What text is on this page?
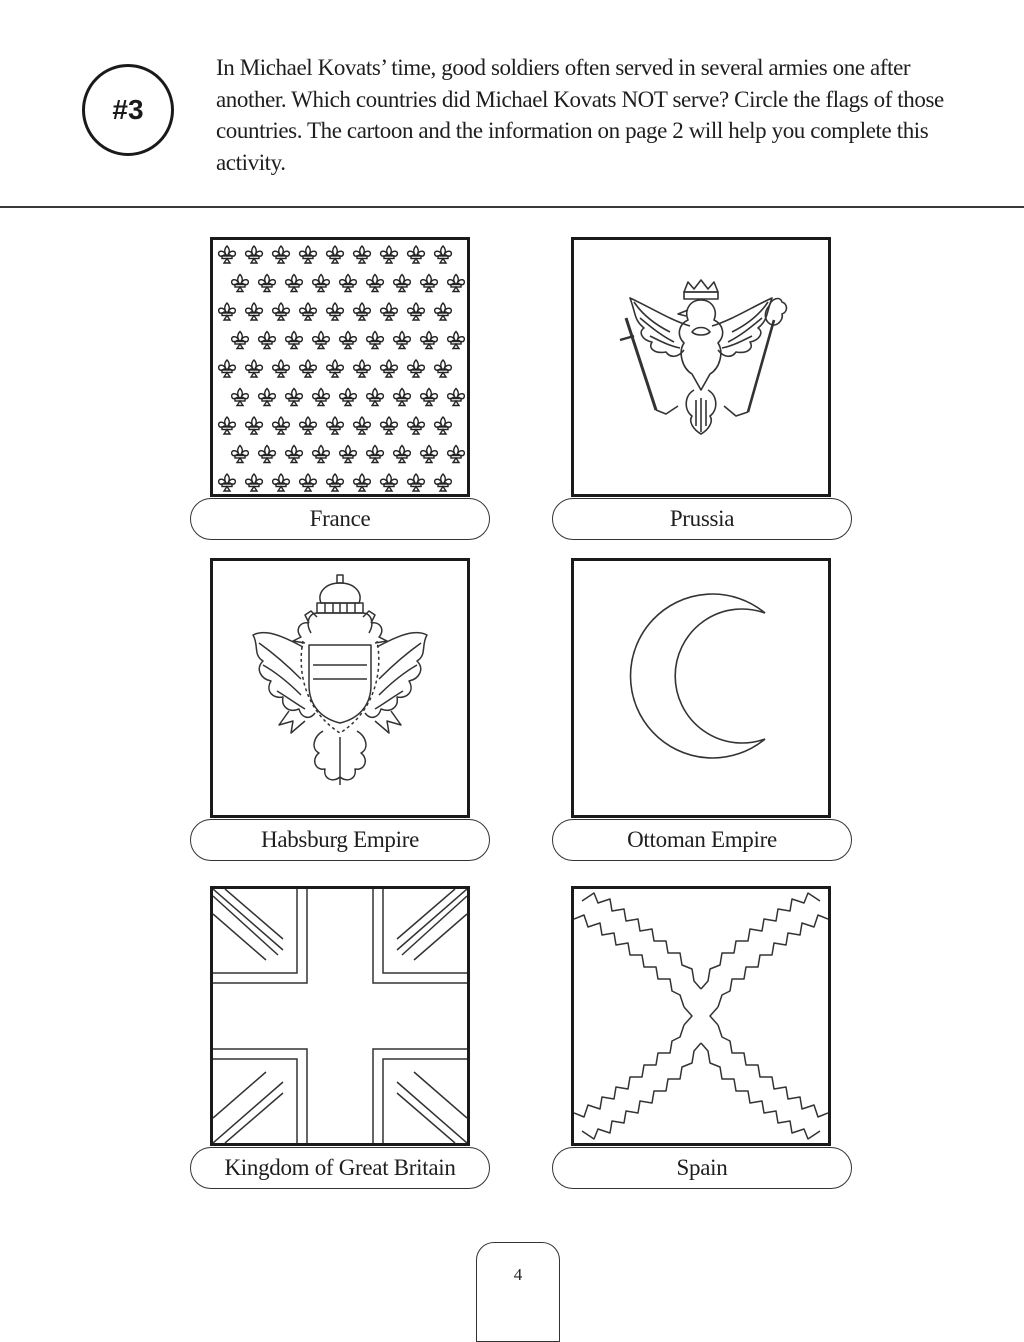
#3
In Michael Kovats’ time, good soldiers often served in several armies one after another. Which countries did Michael Kovats NOT serve? Circle the flags of those countries. The cartoon and the information on page 2 will help you complete this activity.
France	Prussia
Habsburg Empire	Ottoman Empire
Kingdom of Great Britain	Spain
4
